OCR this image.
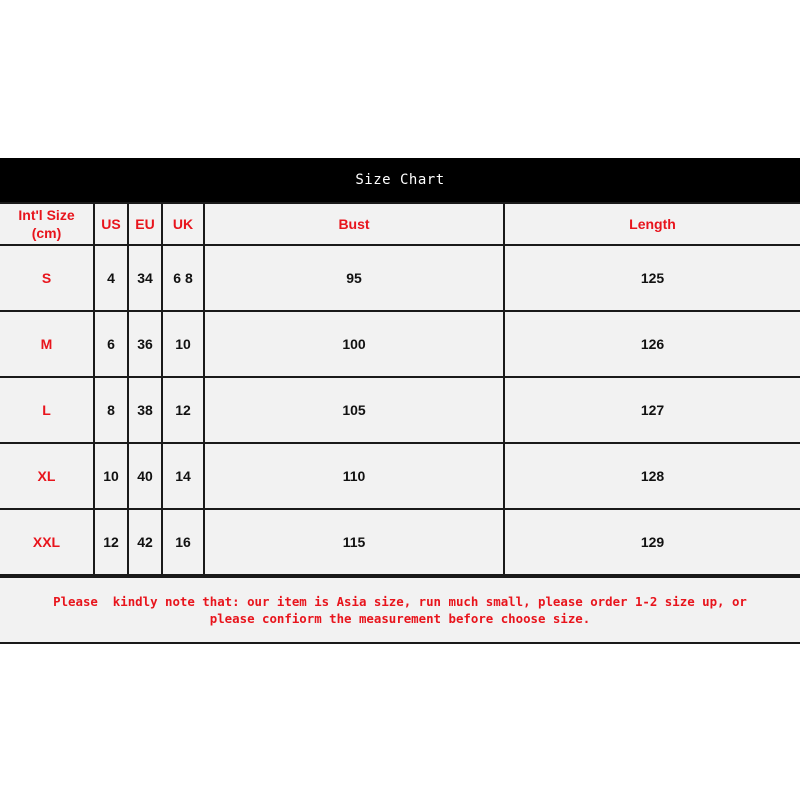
Size Chart
Int'l Size
(cm)	US	EU	UK	Bust	Length
S	4	34	6 8	95	125
M	6	36	10	100	126
L	8	38	12	105	127
XL	10	40	14	110	128
XXL	12	42	16	115	129
Please  kindly note that: our item is Asia size, run much small, please order 1-2 size up, or
please confiorm the measurement before choose size.
